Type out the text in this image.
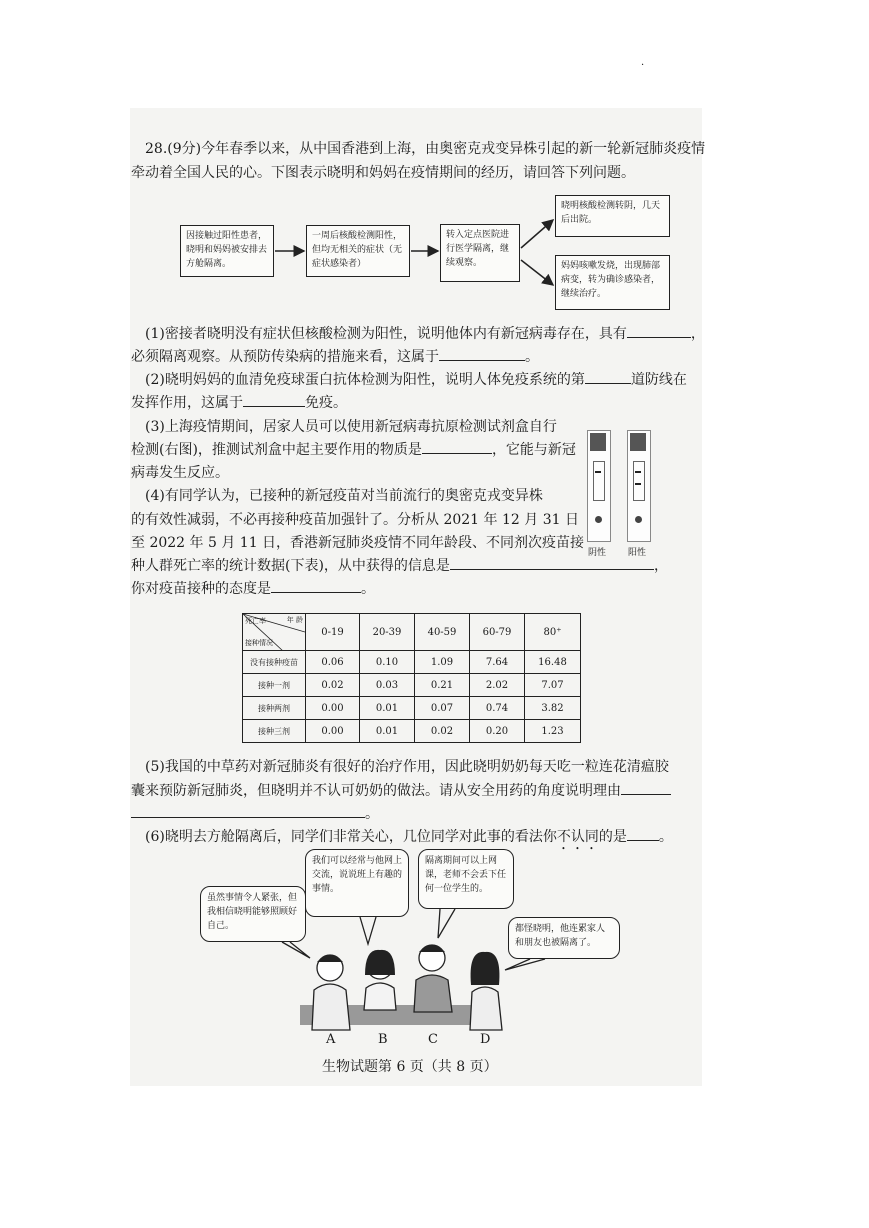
·
28.(9分)今年春季以来，从中国香港到上海，由奥密克戎变异株引起的新一轮新冠肺炎疫情
牵动着全国人民的心。下图表示晓明和妈妈在疫情期间的经历，请回答下列问题。
因接触过阳性患者，晓明和妈妈被安排去方舱隔离。
一周后核酸检测阳性，但均无相关的症状（无症状感染者）
转入定点医院进行医学隔离，继续观察。
晓明核酸检测转阴，几天后出院。
妈妈咳嗽发烧，出现肺部病变，转为确诊感染者，继续治疗。
(1)密接者晓明没有症状但核酸检测为阳性，说明他体内有新冠病毒存在，具有	，
必须隔离观察。从预防传染病的措施来看，这属于	。
(2)晓明妈妈的血清免疫球蛋白抗体检测为阳性，说明人体免疫系统的第	道防线在
发挥作用，这属于	免疫。
(3)上海疫情期间，居家人员可以使用新冠病毒抗原检测试剂盒自行
检测(右图)，推测试剂盒中起主要作用的物质是	，它能与新冠
病毒发生反应。
阴性 阳性
(4)有同学认为，已接种的新冠疫苗对当前流行的奥密克戎变异株
的有效性减弱，不必再接种疫苗加强针了。分析从 2021 年 12 月 31 日
至 2022 年 5 月 11 日，香港新冠肺炎疫情不同年龄段、不同剂次疫苗接
种人群死亡率的统计数据(下表)，从中获得的信息是	，
你对疫苗接种的态度是	。
年 龄
死亡率
接种情况	0-19	20-39	40-59	60-79	80⁺
没有接种疫苗	0.06	0.10	1.09	7.64	16.48
接种一剂	0.02	0.03	0.21	2.02	7.07
接种两剂	0.00	0.01	0.07	0.74	3.82
接种三剂	0.00	0.01	0.02	0.20	1.23
(5)我国的中草药对新冠肺炎有很好的治疗作用，因此晓明奶奶每天吃一粒连花清瘟胶
囊来预防新冠肺炎，但晓明并不认可奶奶的做法。请从安全用药的角度说明理由
。
(6)晓明去方舱隔离后，同学们非常关心，几位同学对此事的看法你不认同的是 。
虽然事情令人紧张，但我相信晓明能够照顾好自己。
我们可以经常与他网上交流，说说班上有趣的事情。
隔离期间可以上网课，老师不会丢下任何一位学生的。
都怪晓明，他连累家人和朋友也被隔离了。
A	B	C	D
生物试题第 6 页（共 8 页）
